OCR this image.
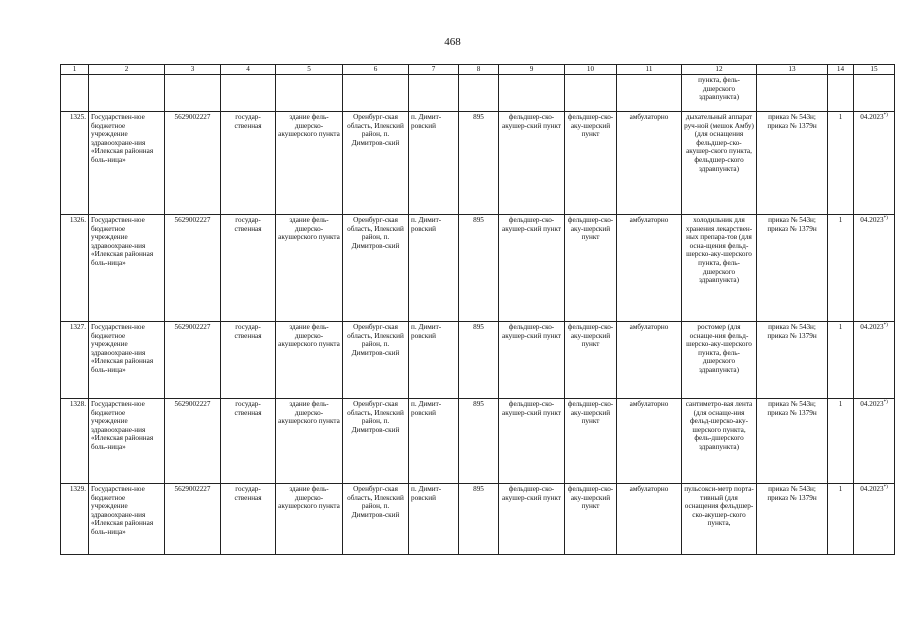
468
1	2	3	4	5	6	7	8	9	10	11	12	13	14	15
											пункта, фель-дшерского здравпункта)			
1325.	Государствен-ное бюджетное учреждение здравоохране-ния «Илекская районная боль-ница»	5629002227	государ-ственная	здание фель-дшерско-акушерского пункта	Оренбург-ская область, Илекский район, п. Димитров-ский	п. Димит-ровский	895	фельдшер-ско-акушер-ский пункт	фельдшер-ско-аку-шерский пункт	амбулаторно	дыхательный аппарат руч-ной (мешок Амбу) (для оснащения фельдшер-ско-акушер-ского пункта, фельдшер-ского здравпункта)	приказ № 543н; приказ № 1379н	1	04.2023*)
1326.	Государствен-ное бюджетное учреждение здравоохране-ния «Илекская районная боль-ница»	5629002227	государ-ственная	здание фель-дшерско-акушерского пункта	Оренбург-ская область, Илекский район, п. Димитров-ский	п. Димит-ровский	895	фельдшер-ско-акушер-ский пункт	фельдшер-ско-аку-шерский пункт	амбулаторно	холодильник для хранения лекарствен-ных препара-тов (для осна-щения фельд-шерско-аку-шерского пункта, фель-дшерского здравпункта)	приказ № 543н; приказ № 1379н	1	04.2023*)
1327.	Государствен-ное бюджетное учреждение здравоохране-ния «Илекская районная боль-ница»	5629002227	государ-ственная	здание фель-дшерско-акушерского пункта	Оренбург-ская область, Илекский район, п. Димитров-ский	п. Димит-ровский	895	фельдшер-ско-акушер-ский пункт	фельдшер-ско-аку-шерский пункт	амбулаторно	ростомер (для оснаще-ния фельд-шерско-аку-шерского пункта, фель-дшерского здравпункта)	приказ № 543н; приказ № 1379н	1	04.2023*)
1328.	Государствен-ное бюджетное учреждение здравоохране-ния «Илекская районная боль-ница»	5629002227	государ-ственная	здание фель-дшерско-акушерского пункта	Оренбург-ская область, Илекский район, п. Димитров-ский	п. Димит-ровский	895	фельдшер-ско-акушер-ский пункт	фельдшер-ско-аку-шерский пункт	амбулаторно	сантиметро-вая лента (для оснаще-ния фельд-шерско-аку-шерского пункта, фель-дшерского здравпункта)	приказ № 543н; приказ № 1379н	1	04.2023*)
1329.	Государствен-ное бюджетное учреждение здравоохране-ния «Илекская районная боль-ница»	5629002227	государ-ственная	здание фель-дшерско-акушерского пункта	Оренбург-ская область, Илекский район, п. Димитров-ский	п. Димит-ровский	895	фельдшер-ско-акушер-ский пункт	фельдшер-ско-аку-шерский пункт	амбулаторно	пульсокси-метр порта-тивный (для оснащения фельдшер-ско-акушер-ского пункта,	приказ № 543н; приказ № 1379н	1	04.2023*)
